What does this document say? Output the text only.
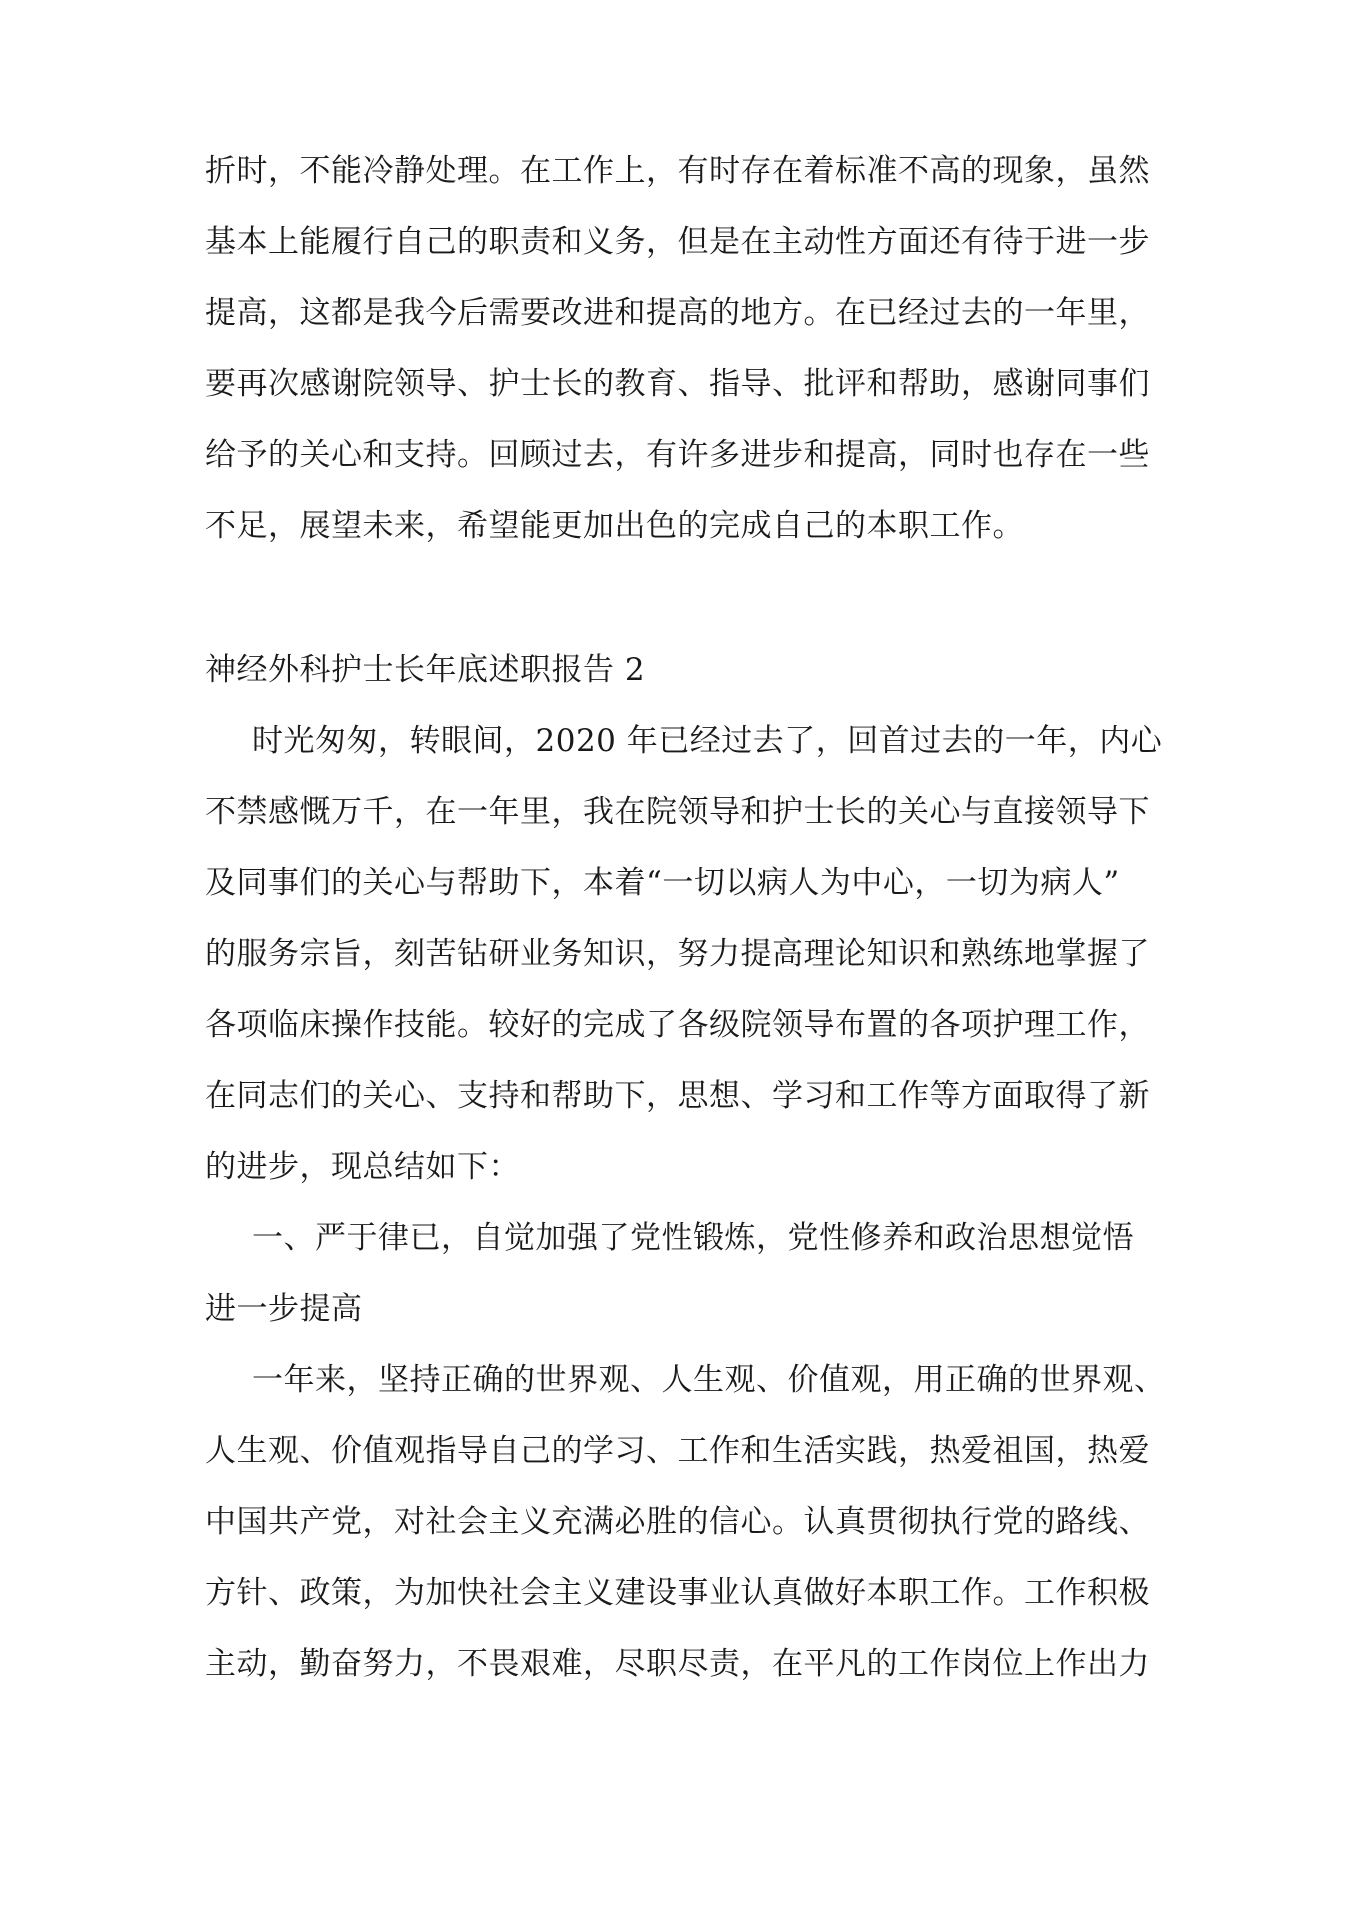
折时，不能冷静处理。在工作上，有时存在着标准不高的现象，虽然
基本上能履行自己的职责和义务，但是在主动性方面还有待于进一步
提高，这都是我今后需要改进和提高的地方。在已经过去的一年里，
要再次感谢院领导、护士长的教育、指导、批评和帮助，感谢同事们
给予的关心和支持。回顾过去，有许多进步和提高，同时也存在一些
不足，展望未来，希望能更加出色的完成自己的本职工作。
神经外科护士长年底述职报告 2
时光匆匆，转眼间，2020 年已经过去了，回首过去的一年，内心
不禁感慨万千，在一年里，我在院领导和护士长的关心与直接领导下
及同事们的关心与帮助下，本着“一切以病人为中心，一切为病人”
的服务宗旨，刻苦钻研业务知识，努力提高理论知识和熟练地掌握了
各项临床操作技能。较好的完成了各级院领导布置的各项护理工作，
在同志们的关心、支持和帮助下，思想、学习和工作等方面取得了新
的进步，现总结如下：
一、严于律已，自觉加强了党性锻炼，党性修养和政治思想觉悟
进一步提高
一年来，坚持正确的世界观、人生观、价值观，用正确的世界观、
人生观、价值观指导自己的学习、工作和生活实践，热爱祖国，热爱
中国共产党，对社会主义充满必胜的信心。认真贯彻执行党的路线、
方针、政策，为加快社会主义建设事业认真做好本职工作。工作积极
主动，勤奋努力，不畏艰难，尽职尽责，在平凡的工作岗位上作出力
